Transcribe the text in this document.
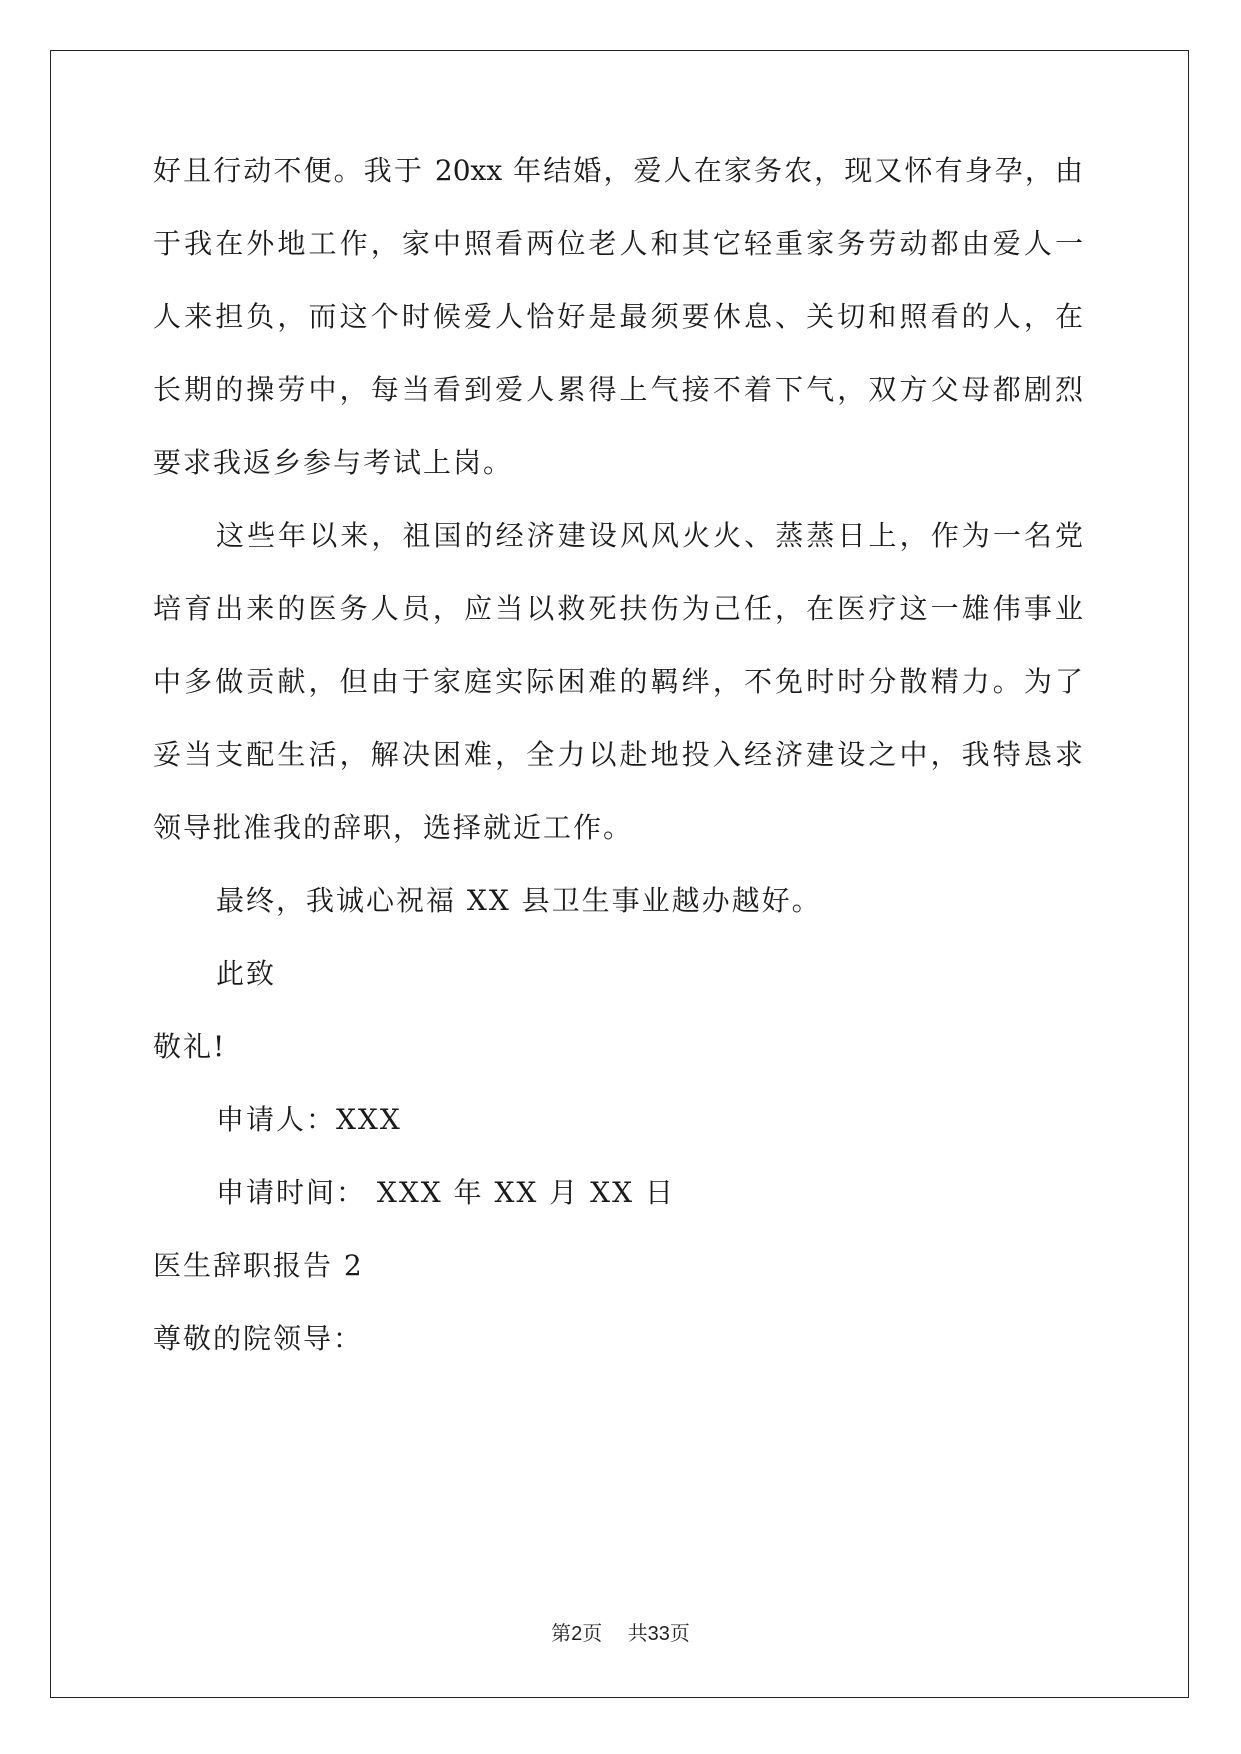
好且行动不便。我于 20xx 年结婚，爱人在家务农，现又怀有身孕，由
于我在外地工作，家中照看两位老人和其它轻重家务劳动都由爱人一
人来担负，而这个时候爱人恰好是最须要休息、关切和照看的人，在
长期的操劳中，每当看到爱人累得上气接不着下气，双方父母都剧烈
要求我返乡参与考试上岗。
这些年以来，祖国的经济建设风风火火、蒸蒸日上，作为一名党
培育出来的医务人员，应当以救死扶伤为己任，在医疗这一雄伟事业
中多做贡献，但由于家庭实际困难的羁绊，不免时时分散精力。为了
妥当支配生活，解决困难，全力以赴地投入经济建设之中，我特恳求
领导批准我的辞职，选择就近工作。
最终，我诚心祝福 XX 县卫生事业越办越好。
此致
敬礼!
申请人：XXX
申请时间： XXX 年 XX 月 XX 日
医生辞职报告 2
尊敬的院领导：
第2页 共33页
